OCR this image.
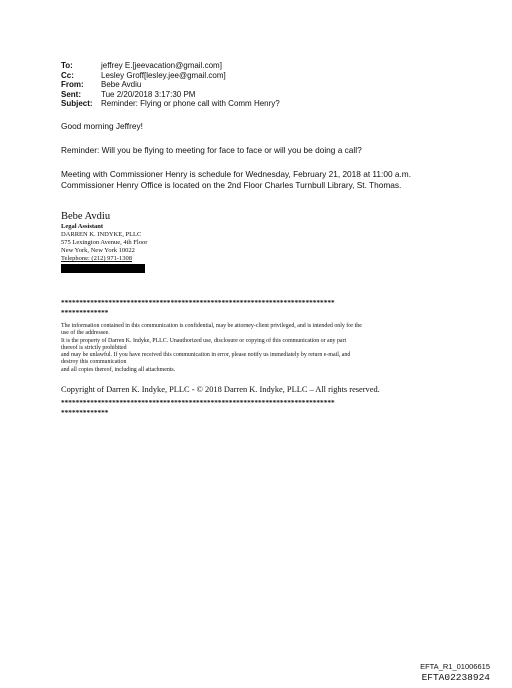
To:	jeffrey E.[jeevacation@gmail.com]
Cc:	Lesley Groff[lesley.jee@gmail.com]
From:	Bebe Avdiu
Sent:	Tue 2/20/2018 3:17:30 PM
Subject:	Reminder: Flying or phone call with Comm Henry?
Good morning Jeffrey!
Reminder: Will you be flying to meeting for face to face or will you be doing a call?
Meeting with Commissioner Henry is schedule for Wednesday, February 21, 2018 at 11:00 a.m.
Commissioner Henry Office is located on the 2nd Floor Charles Turnbull Library, St. Thomas.
Bebe Avdiu
Legal Assistant
DARREN K. INDYKE, PLLC
575 Lexington Avenue, 4th Floor
New York, New York 10022
Telephone: (212) 971-1308
***************************************************************************
*************
The information contained in this communication is confidential, may be attorney-client privileged, and is intended only for the
use of the addressee.
It is the property of Darren K. Indyke, PLLC. Unauthorized use, disclosure or copying of this communication or any part
thereof is strictly prohibited
and may be unlawful. If you have received this communication in error, please notify us immediately by return e-mail, and
destroy this communication
and all copies thereof, including all attachments.
Copyright of Darren K. Indyke, PLLC - © 2018 Darren K. Indyke, PLLC – All rights reserved.
***************************************************************************
*************
EFTA_R1_01006615
EFTA02238924
